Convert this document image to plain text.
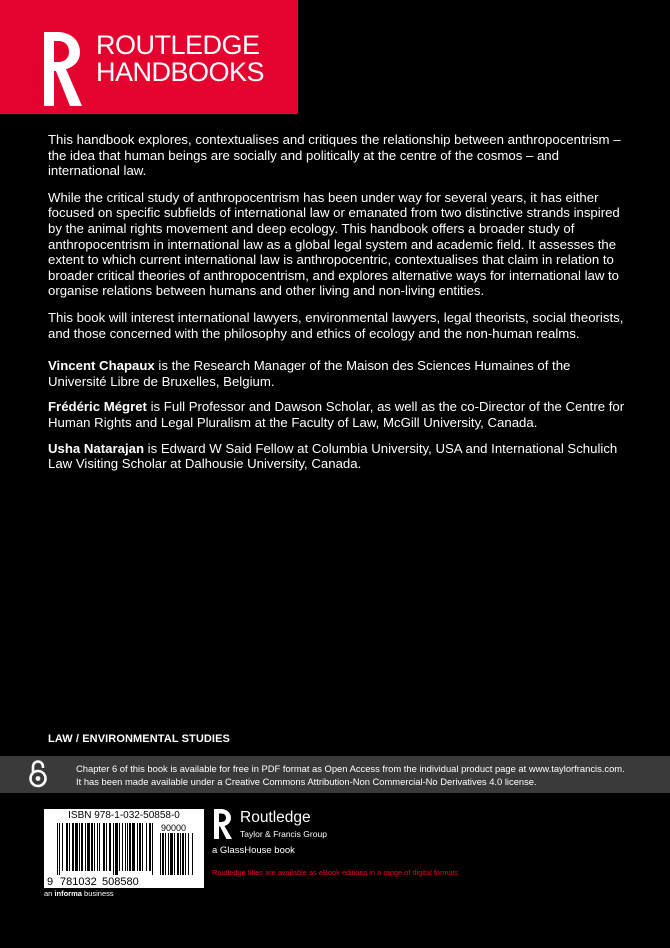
Routledge
ROUTLEDGE
HANDBOOKS

This handbook explores, contextualises and critiques the relationship between anthropocentrism – the idea that human beings are socially and politically at the centre of the cosmos – and international law.

While the critical study of anthropocentrism has been under way for several years, it has either focused on specific subfields of international law or emanated from two distinctive strands inspired by the animal rights movement and deep ecology. This handbook offers a broader study of anthropocentrism in international law as a global legal system and academic field. It assesses the extent to which current international law is anthropocentric, contextualises that claim in relation to broader critical theories of anthropocentrism, and explores alternative ways for international law to organise relations between humans and other living and non-living entities.

This book will interest international lawyers, environmental lawyers, legal theorists, social theorists, and those concerned with the philosophy and ethics of ecology and the non-human realms.

Vincent Chapaux is the Research Manager of the Maison des Sciences Humaines of the Université Libre de Bruxelles, Belgium.

Frédéric Mégret is Full Professor and Dawson Scholar, as well as the co-Director of the Centre for Human Rights and Legal Pluralism at the Faculty of Law, McGill University, Canada.

Usha Natarajan is Edward W Said Fellow at Columbia University, USA and International Schulich Law Visiting Scholar at Dalhousie University, Canada.

LAW / ENVIRONMENTAL STUDIES
Chapter 6 of this book is available for free in PDF format as Open Access from the individual product page at www.taylorfrancis.com.
It has been made available under a Creative Commons Attribution-Non Commercial-No Derivatives 4.0 license.
ISBN 978-1-032-50858-0
9 781032 508580
90000
an informa business
Routledge
Taylor & Francis Group
a GlassHouse book
Routledge titles are available as eBook editions in a range of digital formats
